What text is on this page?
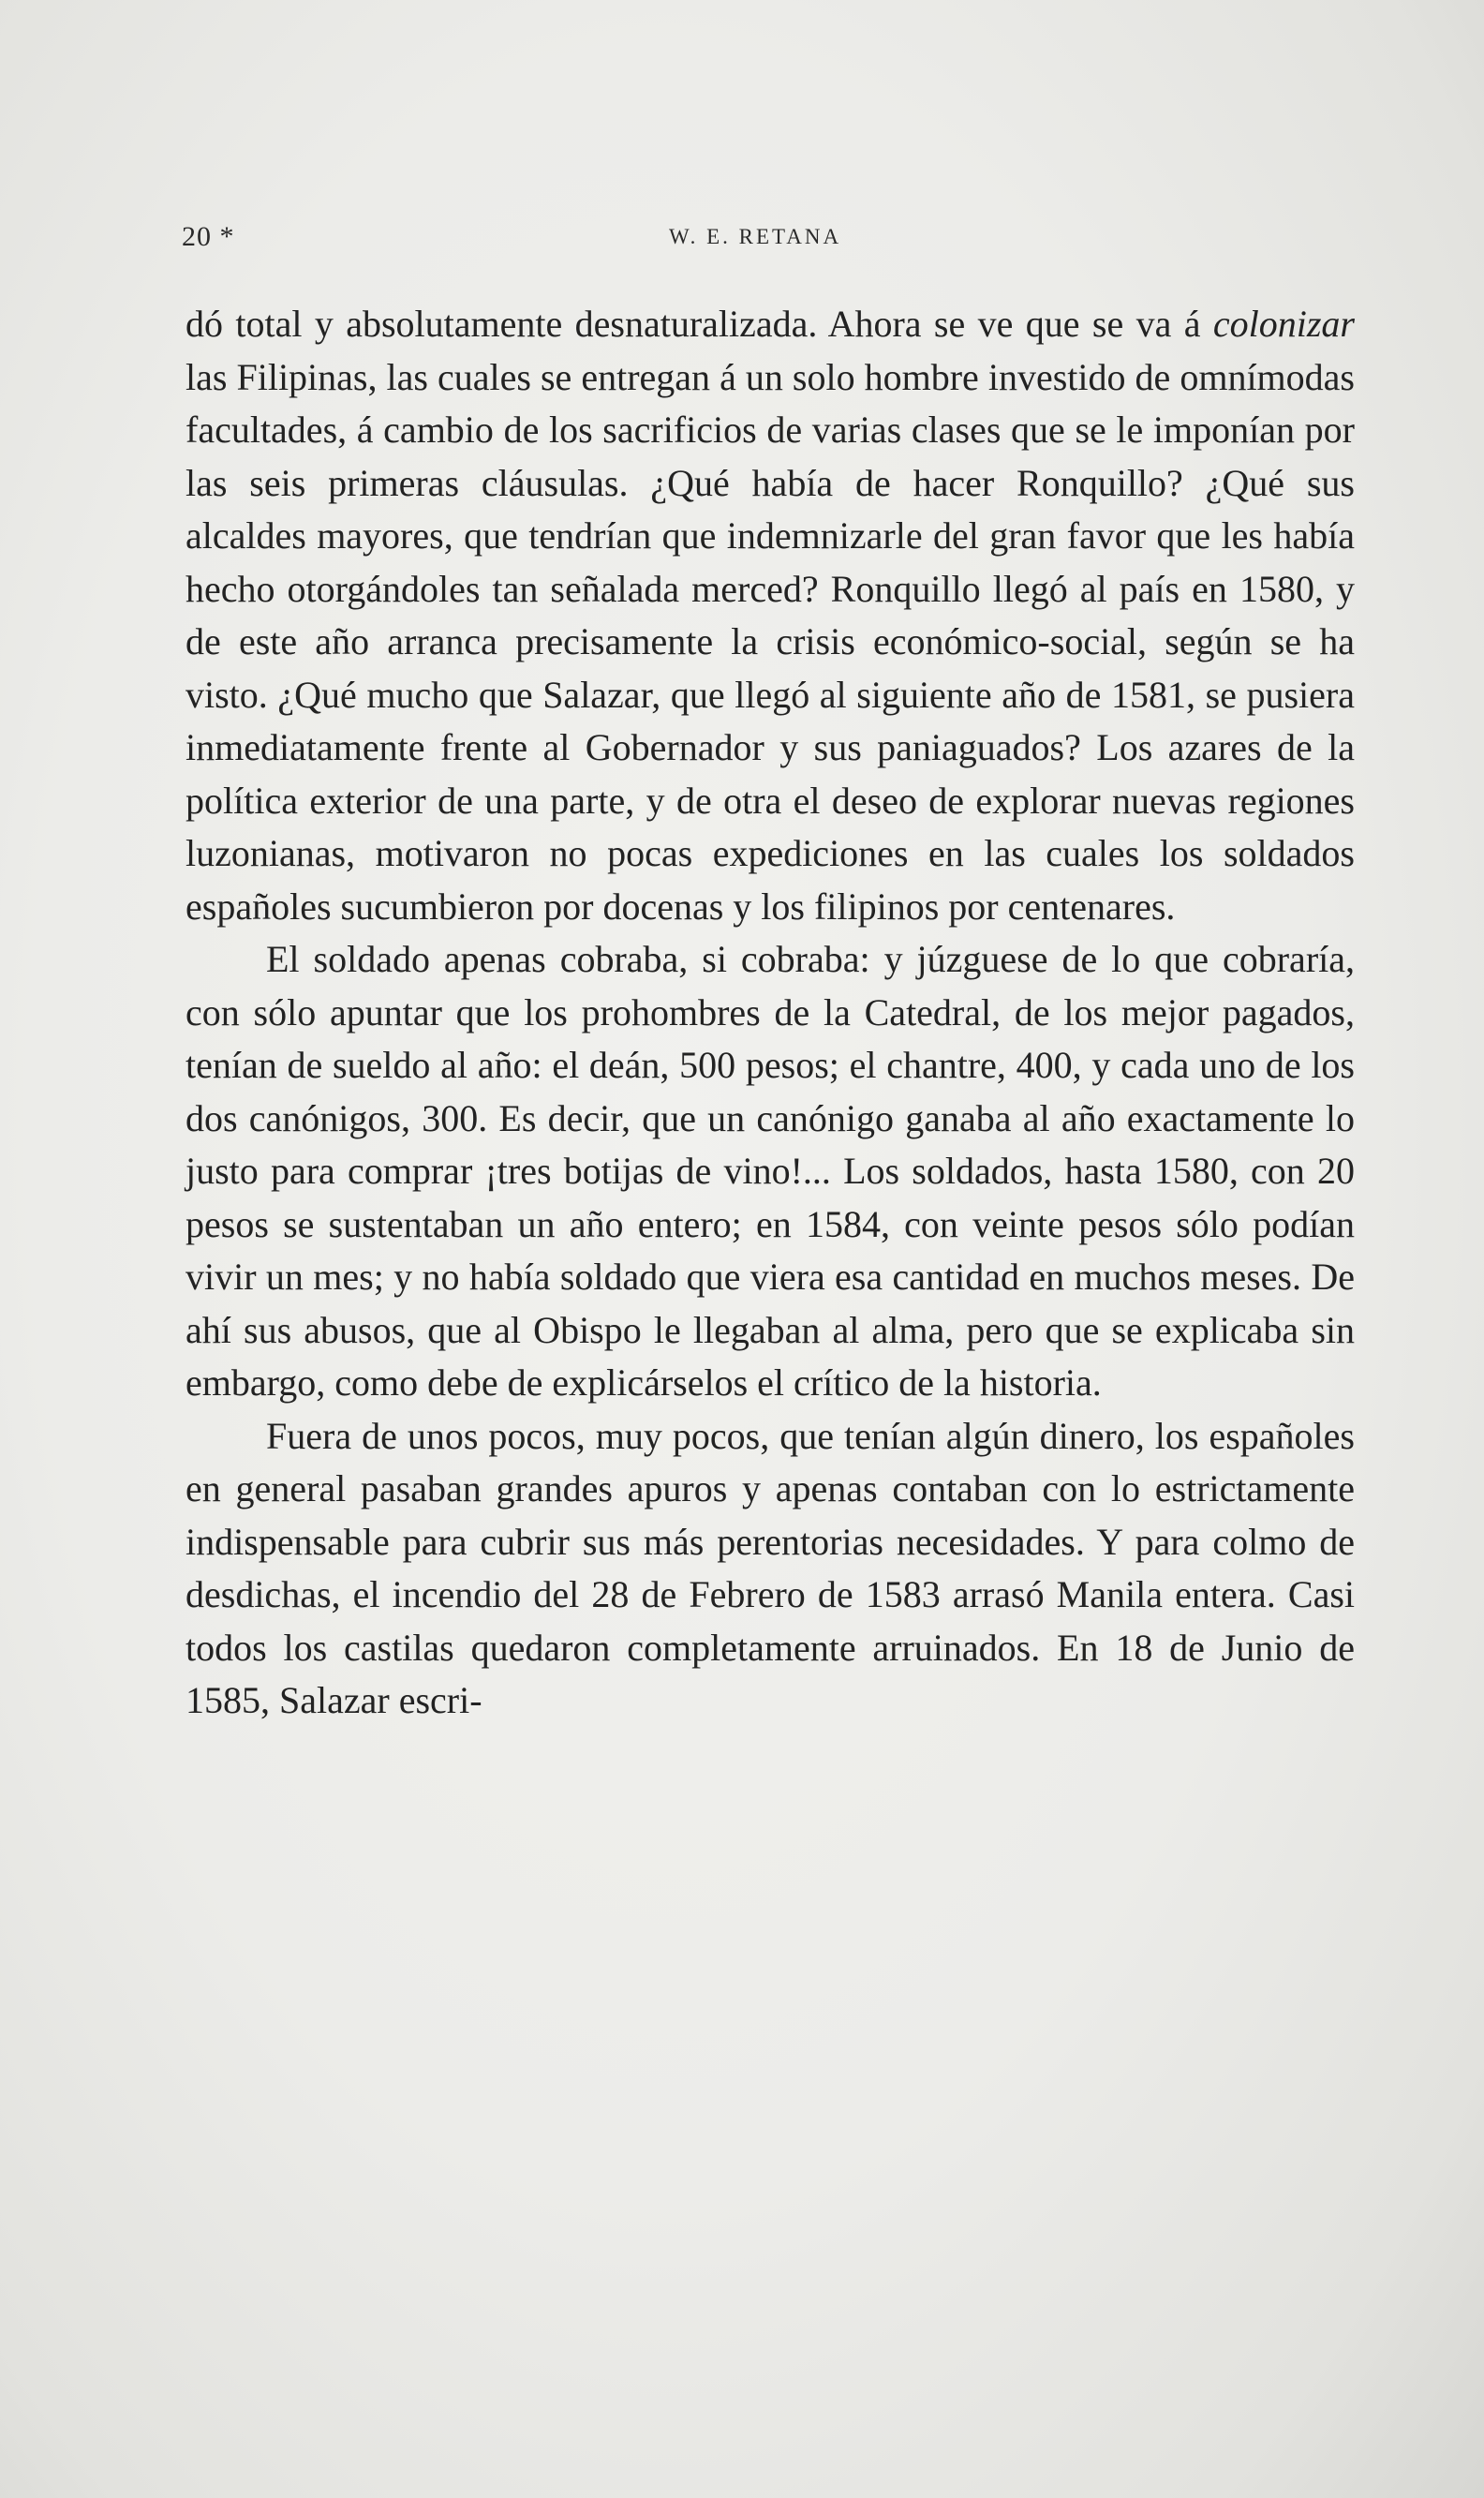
20 *	W. E. RETANA

dó total y absolutamente desnaturalizada. Ahora se ve que se va á colonizar las Filipinas, las cuales se entregan á un solo hombre investido de omnímodas facultades, á cambio de los sacrificios de varias clases que se le imponían por las seis primeras cláusulas. ¿Qué había de hacer Ronquillo? ¿Qué sus alcaldes mayores, que tendrían que indemnizarle del gran favor que les había hecho otorgándoles tan señalada merced? Ronquillo llegó al país en 1580, y de este año arranca precisamente la crisis económico-social, según se ha visto. ¿Qué mucho que Salazar, que llegó al siguiente año de 1581, se pusiera inmediatamente frente al Gobernador y sus paniaguados? Los azares de la política exterior de una parte, y de otra el deseo de explorar nuevas regiones luzonianas, motivaron no pocas expediciones en las cuales los soldados españoles sucumbieron por docenas y los filipinos por centenares.

El soldado apenas cobraba, si cobraba: y júzguese de lo que cobraría, con sólo apuntar que los prohombres de la Catedral, de los mejor pagados, tenían de sueldo al año: el deán, 500 pesos; el chantre, 400, y cada uno de los dos canónigos, 300. Es decir, que un canónigo ganaba al año exactamente lo justo para comprar ¡tres botijas de vino!... Los soldados, hasta 1580, con 20 pesos se sustentaban un año entero; en 1584, con veinte pesos sólo podían vivir un mes; y no había soldado que viera esa cantidad en muchos meses. De ahí sus abusos, que al Obispo le llegaban al alma, pero que se explicaba sin embargo, como debe de explicárselos el crítico de la historia.

Fuera de unos pocos, muy pocos, que tenían algún dinero, los españoles en general pasaban grandes apuros y apenas contaban con lo estrictamente indispensable para cubrir sus más perentorias necesidades. Y para colmo de desdichas, el incendio del 28 de Febrero de 1583 arrasó Manila entera. Casi todos los castilas quedaron completamente arruinados. En 18 de Junio de 1585, Salazar escri-
